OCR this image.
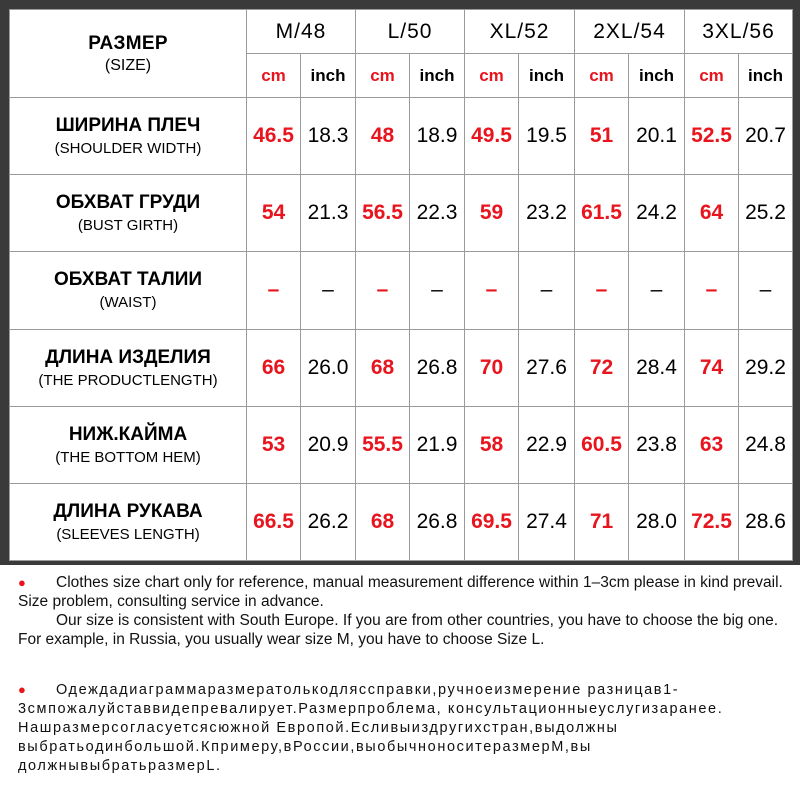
РАЗМЕР
(SIZE)	M/48		L/50		XL/52		2XL/54		3XL/56	
	cm	inch	cm	inch	cm	inch	cm	inch	cm	inch

ШИРИНА ПЛЕЧ
(SHOULDER WIDTH)	46.5	18.3	48	18.9	49.5	19.5	51	20.1	52.5	20.7

ОБХВАТ ГРУДИ
(BUST GIRTH)	54	21.3	56.5	22.3	59	23.2	61.5	24.2	64	25.2

ОБХВАТ ТАЛИИ
(WAIST)	–	–	–	–	–	–	–	–	–	–

ДЛИНА ИЗДЕЛИЯ
(THE PRODUCTLENGTH)	66	26.0	68	26.8	70	27.6	72	28.4	74	29.2

НИЖ.КАЙМА
(THE BOTTOM HEM)	53	20.9	55.5	21.9	58	22.9	60.5	23.8	63	24.8

ДЛИНА РУКАВА
(SLEEVES LENGTH)	66.5	26.2	68	26.8	69.5	27.4	71	28.0	72.5	28.6

● Clothes size chart only for reference, manual measurement difference within 1–3cm please in kind prevail. Size problem, consulting service in advance.

Our size is consistent with South Europe. If you are from other countries, you have to choose the big one. For example, in Russia, you usually wear size M, you have to choose Size L.

● Одеждадиаграммаразмератолькодляссправки,ручноеизмерение разницав1-3смпожалуйставвидепревалирует.Размерпроблема, консультационныеуслугизаранее.

Нашразмерсогласуетсясюжной Европой.Есливыиздругихстран,выдолжны выбратьодинбольшой.Кпримеру,вРоссии,выобычноноситеразмерM,вы должнывыбратьразмерL.
